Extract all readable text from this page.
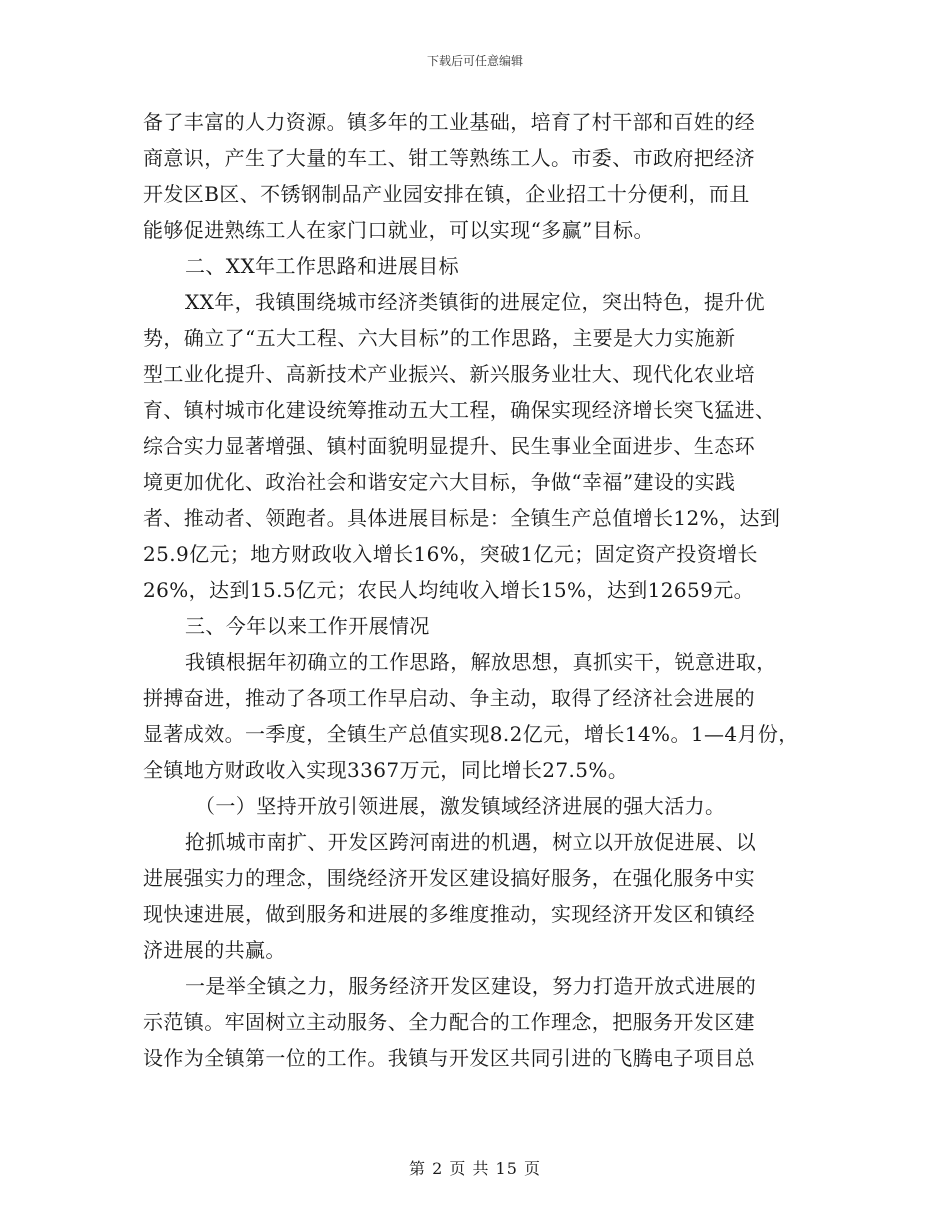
下载后可任意编辑
备了丰富的人力资源。镇多年的工业基础，培育了村干部和百姓的经
商意识，产生了大量的车工、钳工等熟练工人。市委、市政府把经济
开发区B区、不锈钢制品产业园安排在镇，企业招工十分便利，而且
能够促进熟练工人在家门口就业，可以实现“多赢”目标。
二、XX年工作思路和进展目标
XX年，我镇围绕城市经济类镇街的进展定位，突出特色，提升优
势，确立了“五大工程、六大目标”的工作思路，主要是大力实施新
型工业化提升、高新技术产业振兴、新兴服务业壮大、现代化农业培
育、镇村城市化建设统筹推动五大工程，确保实现经济增长突飞猛进、
综合实力显著增强、镇村面貌明显提升、民生事业全面进步、生态环
境更加优化、政治社会和谐安定六大目标，争做“幸福”建设的实践
者、推动者、领跑者。具体进展目标是：全镇生产总值增长12%，达到
25.9亿元；地方财政收入增长16%，突破1亿元；固定资产投资增长
26%，达到15.5亿元；农民人均纯收入增长15%，达到12659元。
三、今年以来工作开展情况
我镇根据年初确立的工作思路，解放思想，真抓实干，锐意进取，
拼搏奋进，推动了各项工作早启动、争主动，取得了经济社会进展的
显著成效。一季度，全镇生产总值实现8.2亿元，增长14%。1—4月份，
全镇地方财政收入实现3367万元，同比增长27.5%。
（一）坚持开放引领进展，激发镇域经济进展的强大活力。
抢抓城市南扩、开发区跨河南进的机遇，树立以开放促进展、以
进展强实力的理念，围绕经济开发区建设搞好服务，在强化服务中实
现快速进展，做到服务和进展的多维度推动，实现经济开发区和镇经
济进展的共赢。
一是举全镇之力，服务经济开发区建设，努力打造开放式进展的
示范镇。牢固树立主动服务、全力配合的工作理念，把服务开发区建
设作为全镇第一位的工作。我镇与开发区共同引进的飞腾电子项目总
第 2 页 共 15 页
